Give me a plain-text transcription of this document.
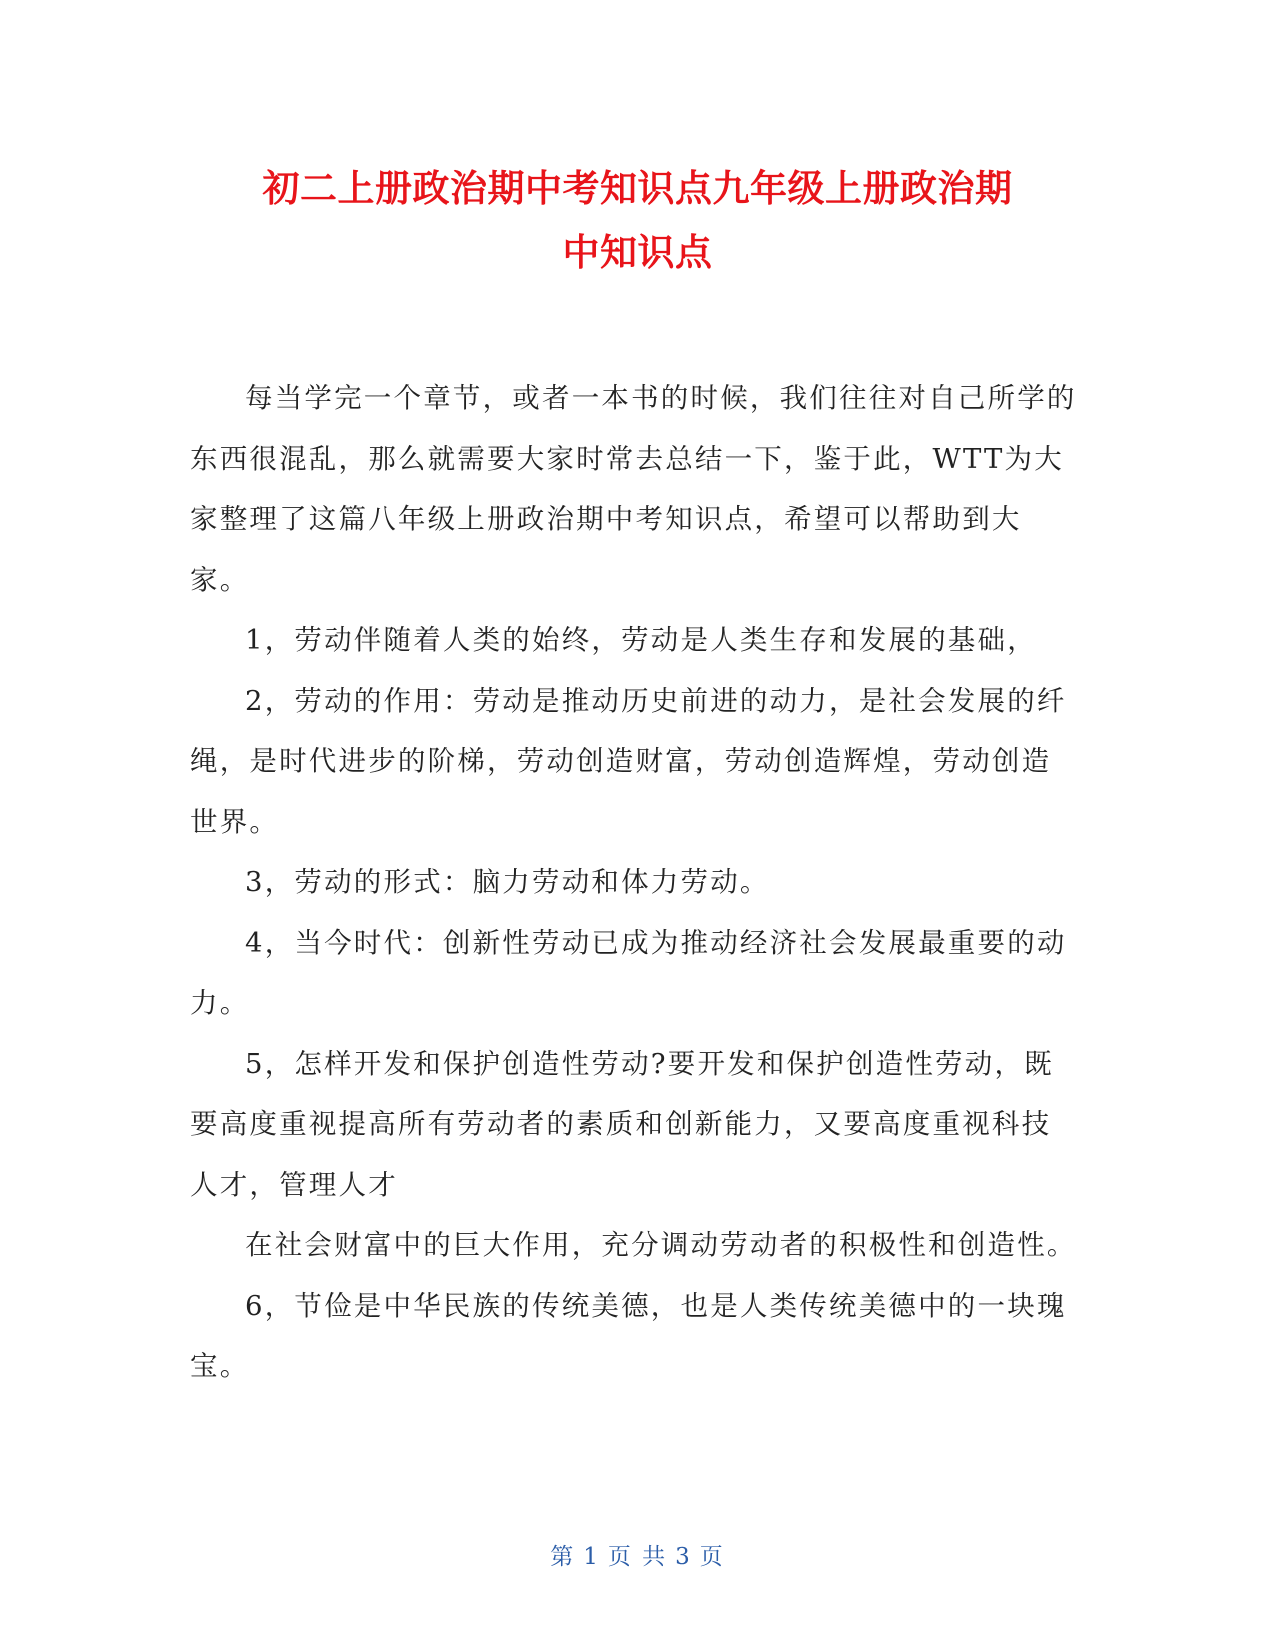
初二上册政治期中考知识点九年级上册政治期
中知识点

每当学完一个章节，或者一本书的时候，我们往往对自己所学的东西很混乱，那么就需要大家时常去总结一下，鉴于此，WTT为大家整理了这篇八年级上册政治期中考知识点，希望可以帮助到大家。

1，劳动伴随着人类的始终，劳动是人类生存和发展的基础，

2，劳动的作用：劳动是推动历史前进的动力，是社会发展的纤绳，是时代进步的阶梯，劳动创造财富，劳动创造辉煌，劳动创造世界。

3，劳动的形式：脑力劳动和体力劳动。

4，当今时代：创新性劳动已成为推动经济社会发展最重要的动力。

5，怎样开发和保护创造性劳动?要开发和保护创造性劳动，既要高度重视提高所有劳动者的素质和创新能力，又要高度重视科技人才，管理人才

在社会财富中的巨大作用，充分调动劳动者的积极性和创造性。

6，节俭是中华民族的传统美德，也是人类传统美德中的一块瑰宝。

第 1 页 共 3 页
